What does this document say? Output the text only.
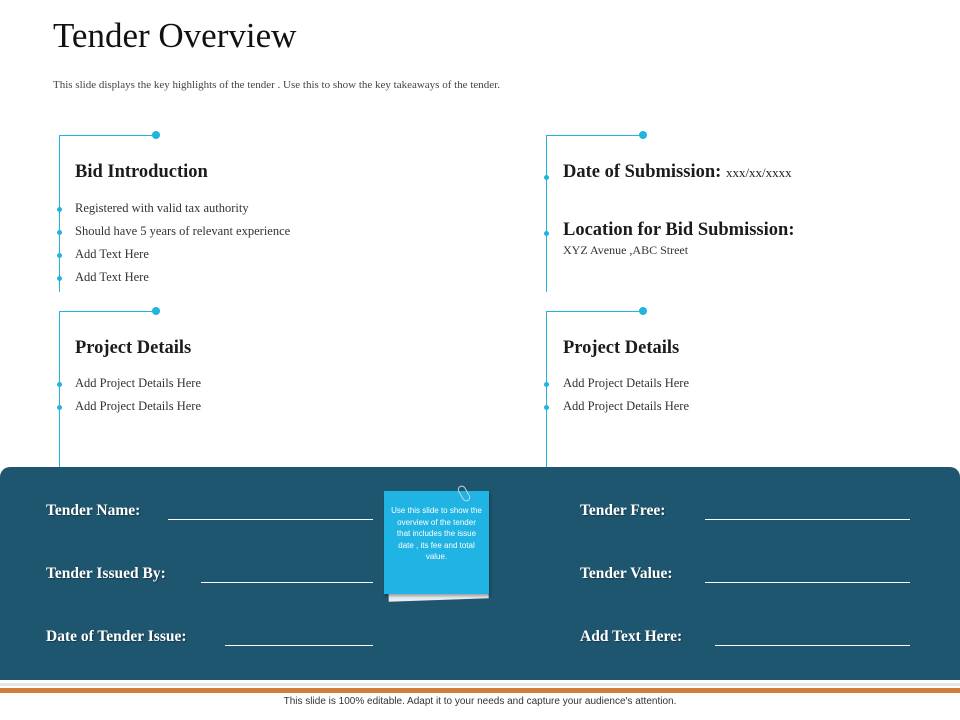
Tender Overview
This slide displays the key highlights of the tender . Use this to show the key takeaways of the tender.
Bid Introduction
Registered with valid tax authority
Should have 5 years of relevant experience
Add Text Here
Add Text Here
Date of Submission: xxx/xx/xxxx
Location for Bid Submission:
XYZ Avenue ,ABC Street
Project Details
Add Project Details Here
Add Project Details Here
Project Details
Add Project Details Here
Add Project Details Here
Tender Name:
Tender Issued By:
Date of Tender Issue:
Tender Free:
Tender Value:
Add Text Here:
Use this slide to show the overview of the tender that includes the issue date , its fee and total value.
This slide is 100% editable. Adapt it to your needs and capture your audience's attention.
